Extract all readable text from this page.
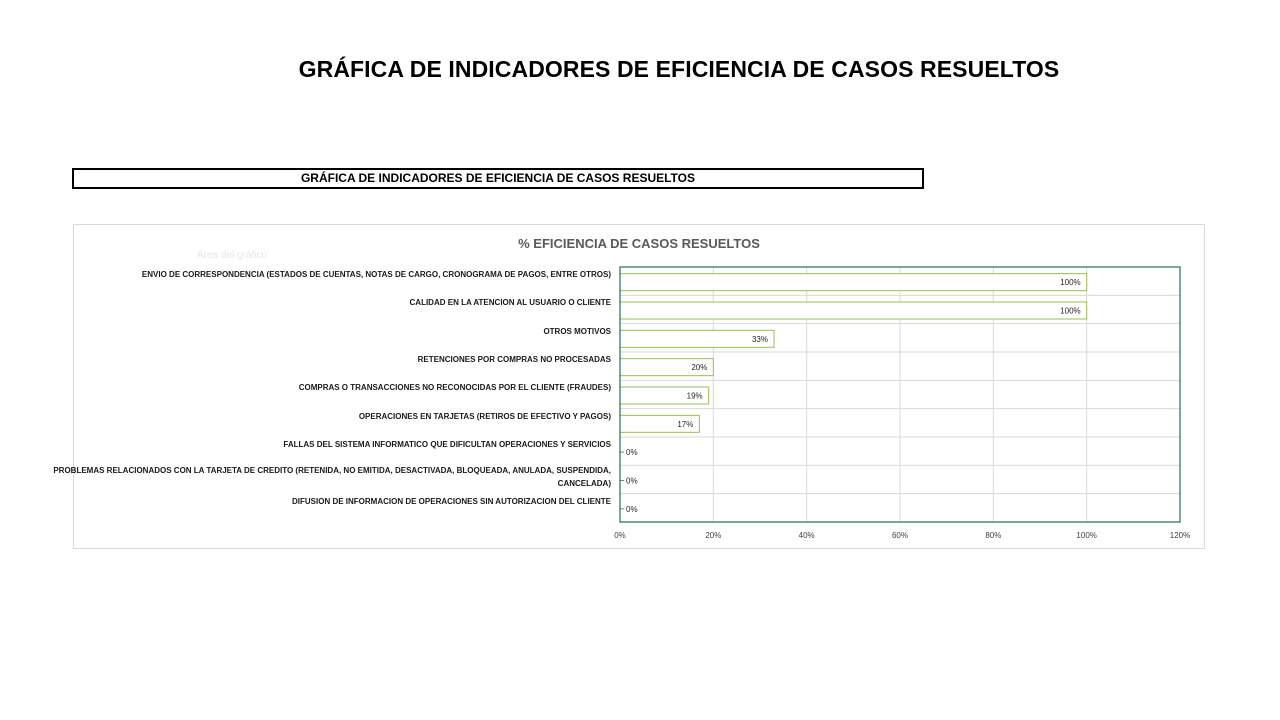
GRÁFICA DE INDICADORES DE EFICIENCIA DE CASOS RESUELTOS
GRÁFICA DE INDICADORES DE EFICIENCIA DE CASOS RESUELTOS
% EFICIENCIA DE CASOS RESUELTOS
Área del gráfico
100%
100%
33%
20%
19%
17%
0%
0%
0%
0%	20%	40%	60%	80%	100%	120%
ENVIO DE CORRESPONDENCIA (ESTADOS DE CUENTAS, NOTAS DE CARGO, CRONOGRAMA DE PAGOS, ENTRE OTROS)
CALIDAD EN LA ATENCION AL USUARIO O CLIENTE
OTROS MOTIVOS
RETENCIONES POR COMPRAS NO PROCESADAS
COMPRAS O TRANSACCIONES NO RECONOCIDAS POR EL CLIENTE (FRAUDES)
OPERACIONES EN TARJETAS (RETIROS DE EFECTIVO Y PAGOS)
FALLAS DEL SISTEMA INFORMATICO QUE DIFICULTAN OPERACIONES Y SERVICIOS
PROBLEMAS RELACIONADOS CON LA TARJETA DE CREDITO (RETENIDA, NO EMITIDA, DESACTIVADA, BLOQUEADA, ANULADA, SUSPENDIDA, CANCELADA)
DIFUSION DE INFORMACION DE OPERACIONES SIN AUTORIZACION DEL CLIENTE
